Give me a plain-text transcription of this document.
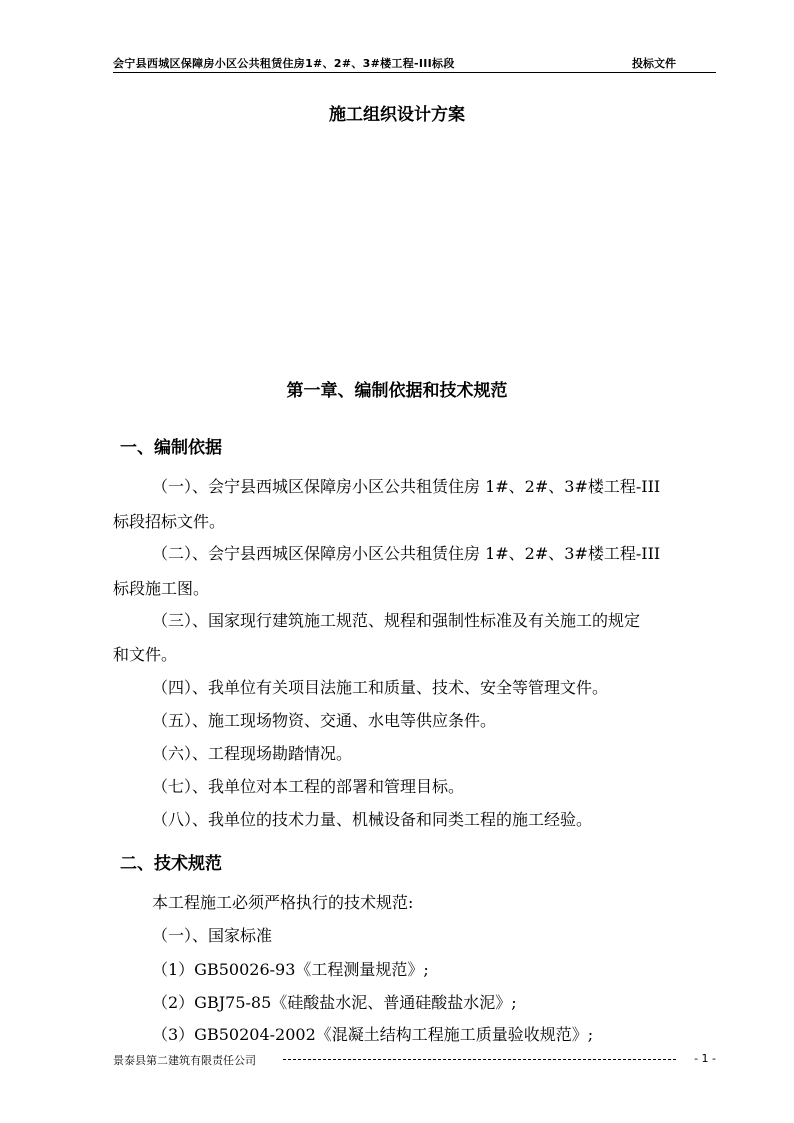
会宁县西城区保障房小区公共租赁住房1#、2#、3#楼工程-III标段	投标文件
施工组织设计方案
第一章、编制依据和技术规范
一、编制依据
（一）、会宁县西城区保障房小区公共租赁住房 1#、2#、3#楼工程-III
标段招标文件。
（二）、会宁县西城区保障房小区公共租赁住房 1#、2#、3#楼工程-III
标段施工图。
（三）、国家现行建筑施工规范、规程和强制性标准及有关施工的规定
和文件。
（四）、我单位有关项目法施工和质量、技术、安全等管理文件。
（五）、施工现场物资、交通、水电等供应条件。
（六）、工程现场勘踏情况。
（七）、我单位对本工程的部署和管理目标。
（八）、我单位的技术力量、机械设备和同类工程的施工经验。
二、技术规范
本工程施工必须严格执行的技术规范:
（一）、国家标准
（1）GB50026-93《工程测量规范》;
（2）GBJ75-85《硅酸盐水泥、普通硅酸盐水泥》;
（3）GB50204-2002《混凝土结构工程施工质量验收规范》;
景泰县第二建筑有限责任公司	- 1 -
